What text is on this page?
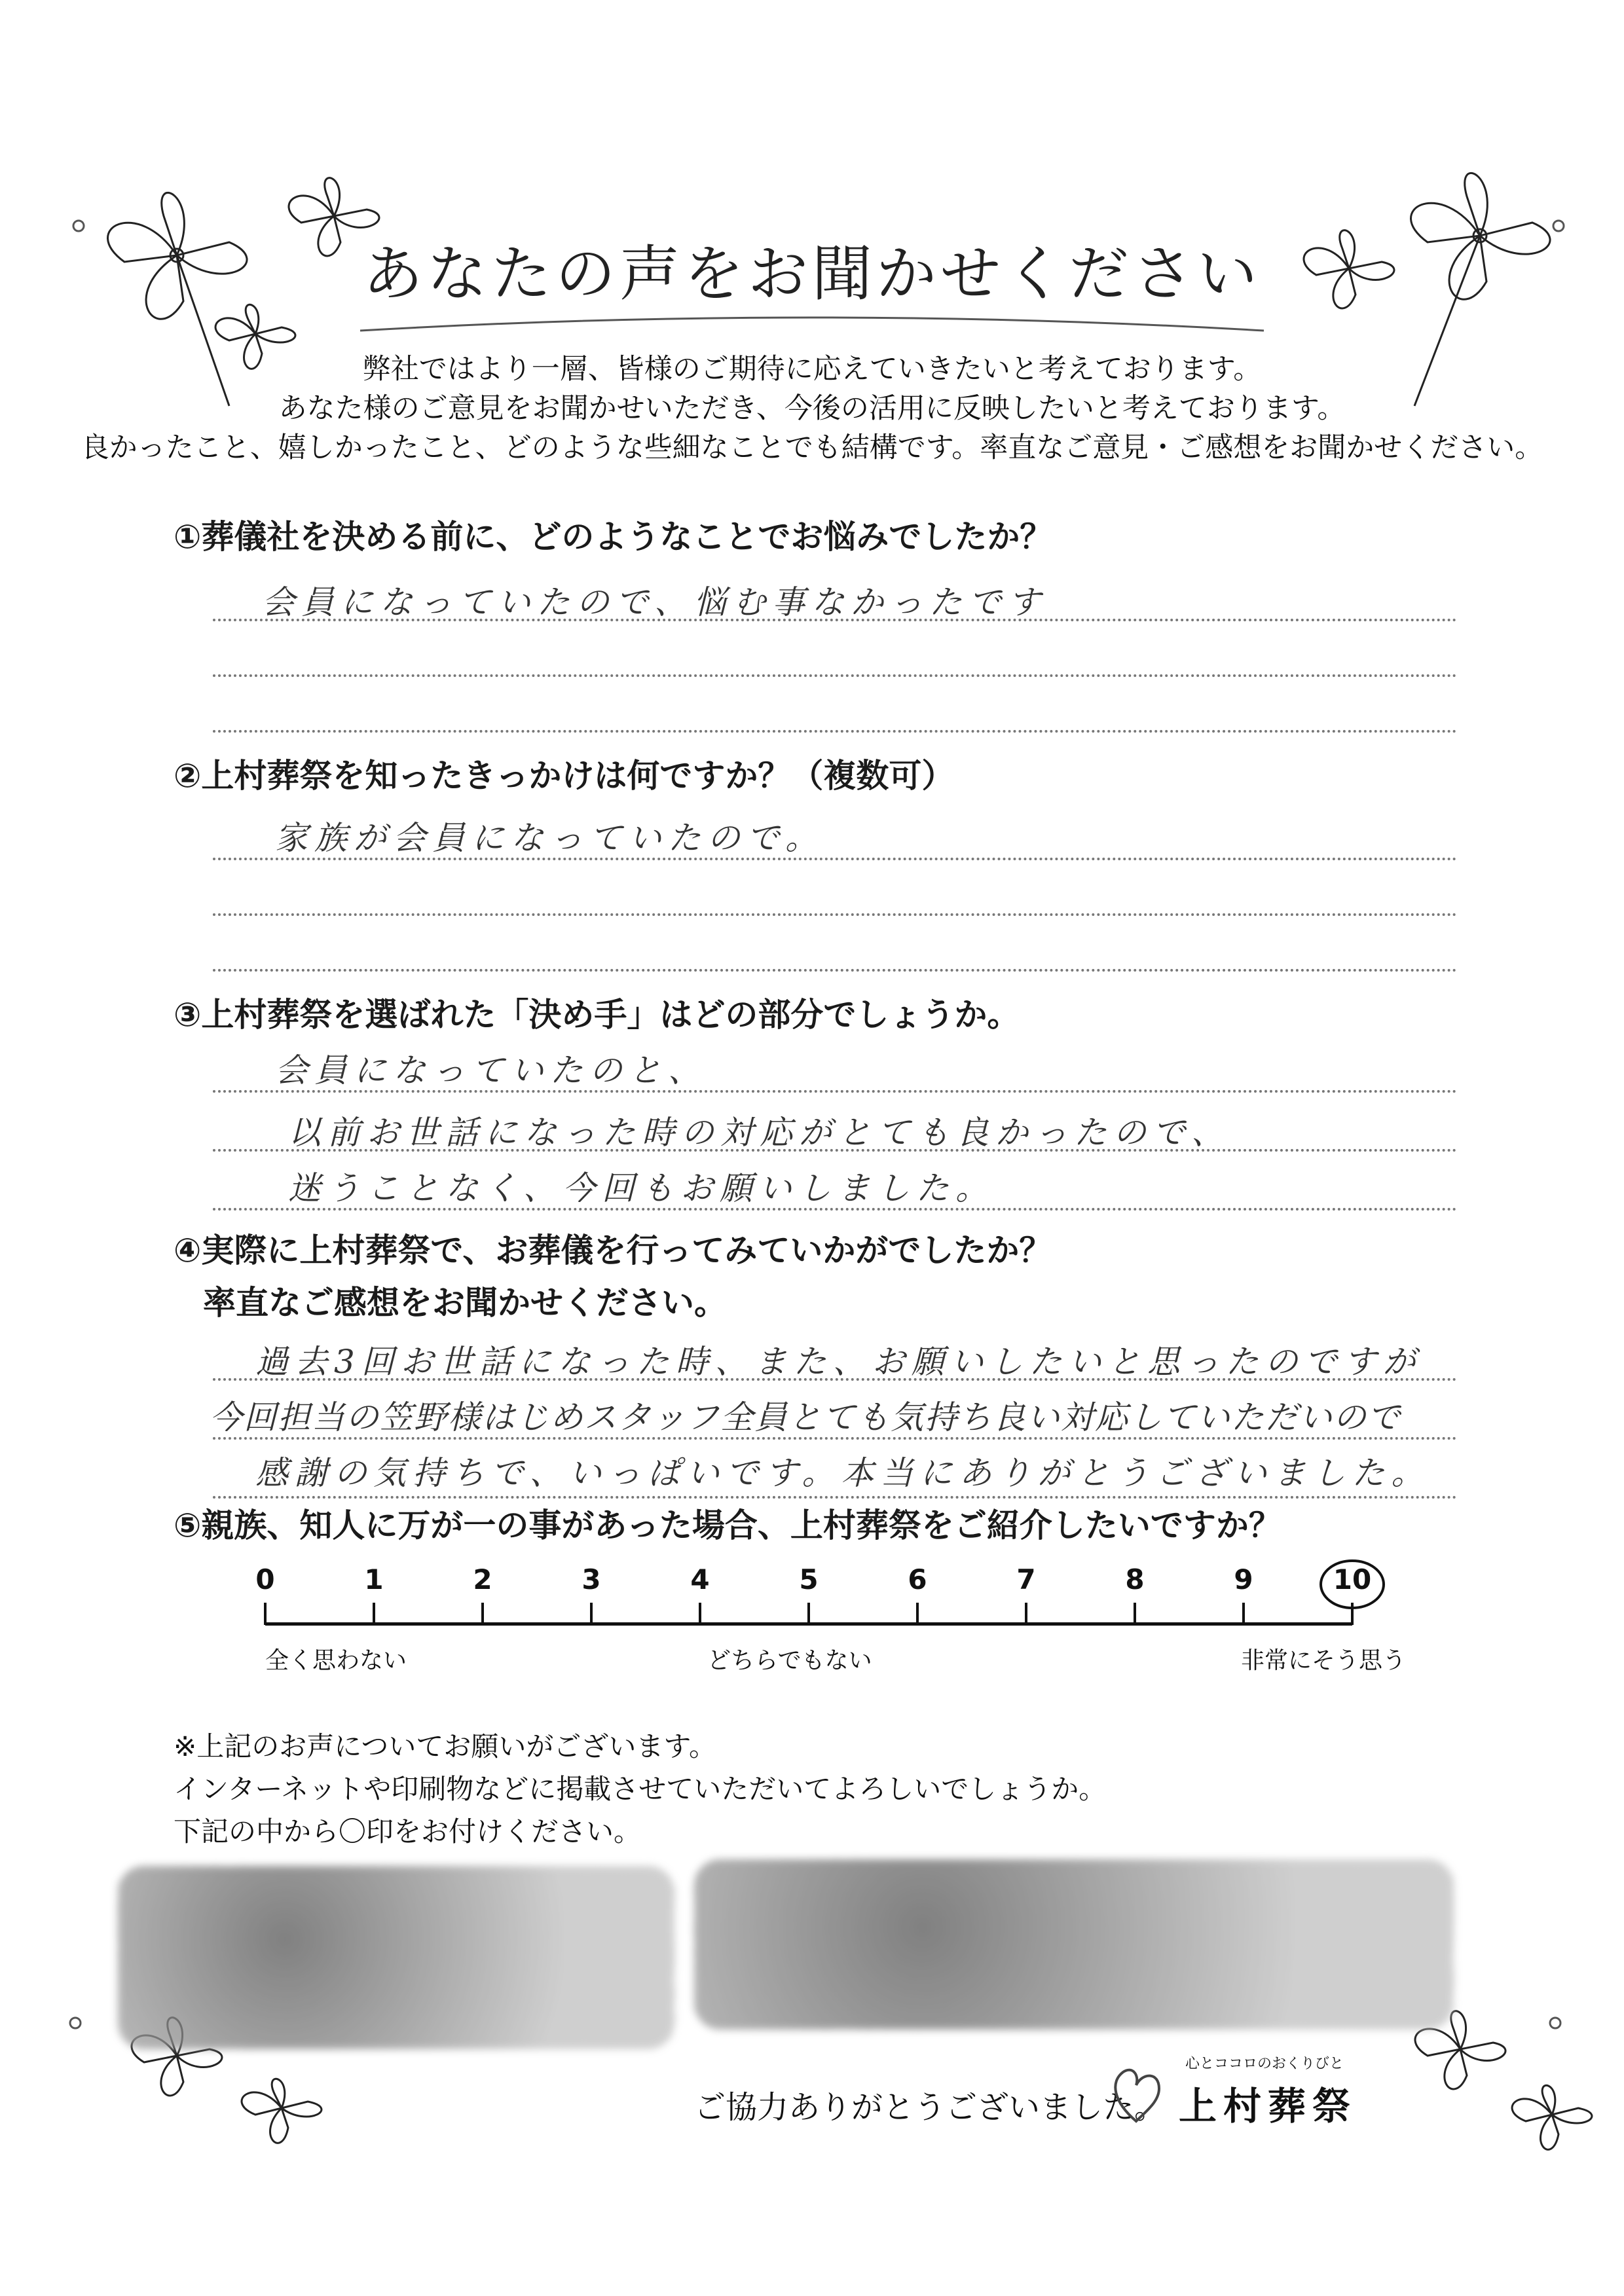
あなたの声をお聞かせください
弊社ではより一層、皆様のご期待に応えていきたいと考えております。
あなた様のご意見をお聞かせいただき、今後の活用に反映したいと考えております。
良かったこと、嬉しかったこと、どのような些細なことでも結構です。率直なご意見・ご感想をお聞かせください。
①葬儀社を決める前に、どのようなことでお悩みでしたか？
会員になっていたので、悩む事なかったです
②上村葬祭を知ったきっかけは何ですか？（複数可）
家族が会員になっていたので。
③上村葬祭を選ばれた「決め手」はどの部分でしょうか。
会員になっていたのと、
以前お世話になった時の対応がとても良かったので、
迷うことなく、今回もお願いしました。
④実際に上村葬祭で、お葬儀を行ってみていかがでしたか？
率直なご感想をお聞かせください。
過去3回お世話になった時、また、お願いしたいと思ったのですが
今回担当の笠野様はじめスタッフ全員とても気持ち良い対応していただいので
感謝の気持ちで、いっぱいです。本当にありがとうございました。
⑤親族、知人に万が一の事があった場合、上村葬祭をご紹介したいですか？
0	1	2	3	4	5	6	7	8	9	10
全く思わない	どちらでもない	非常にそう思う
※上記のお声についてお願いがございます。
インターネットや印刷物などに掲載させていただいてよろしいでしょうか。
下記の中から〇印をお付けください。
ご協力ありがとうございました。
心とココロのおくりびと
上村葬祭
